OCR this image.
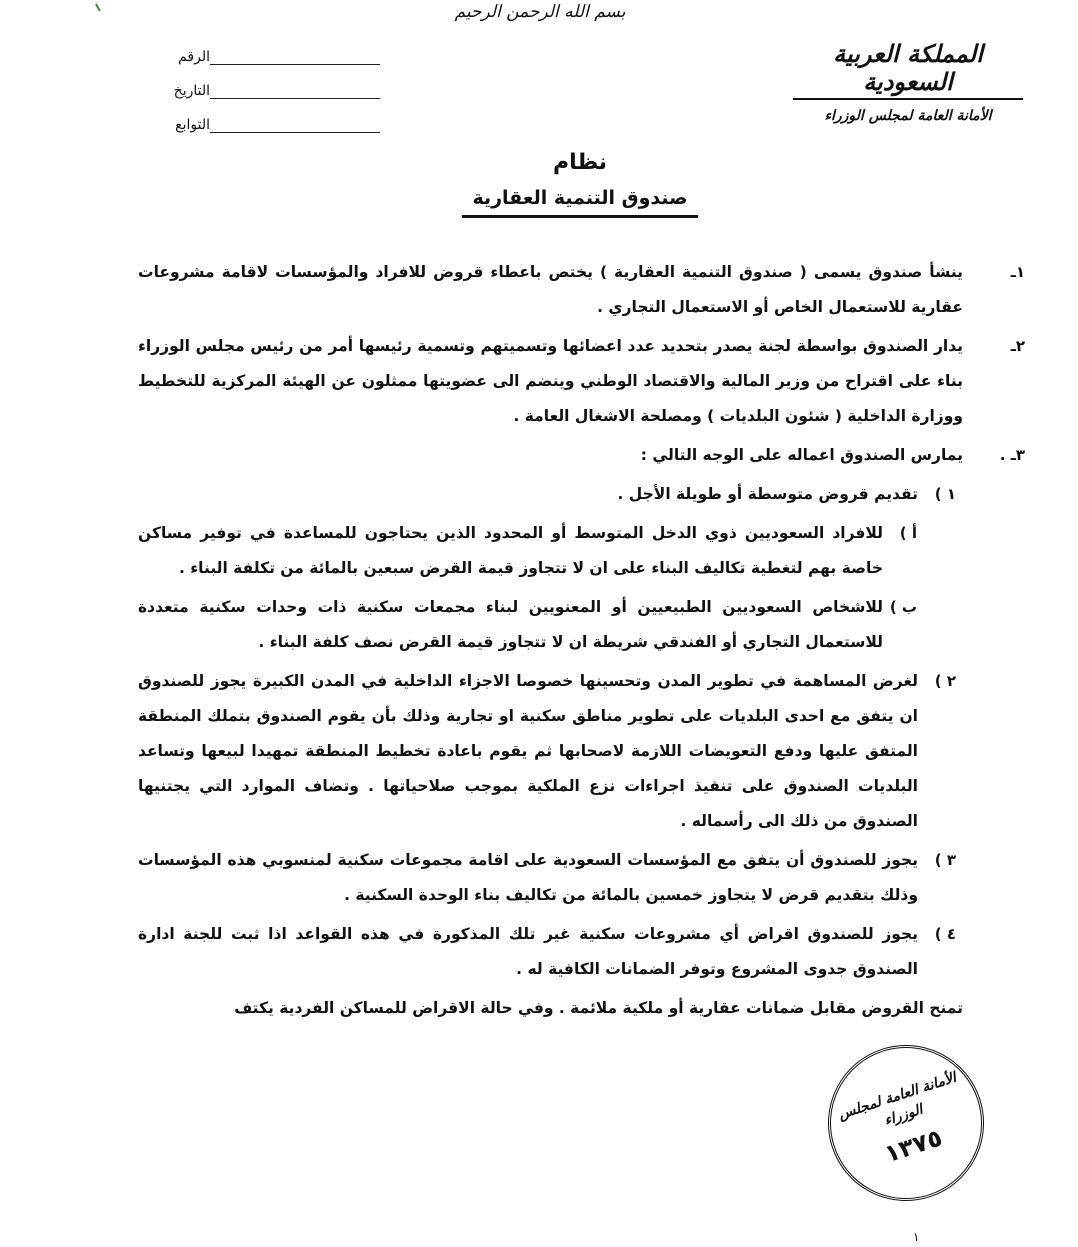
بسم الله الرحمن الرحيم
الرقم
التاريخ
التوابع
المملكة العربية السعودية
الأمانة العامة لمجلس الوزراء
نظام
صندوق التنمية العقارية
١ـ
ينشأ صندوق يسمى ( صندوق التنمية العقارية ) يختص باعطاء قروض للافراد والمؤسسات لاقامة مشروعات عقارية للاستعمال الخاص أو الاستعمال التجاري .
٢ـ
يدار الصندوق بواسطة لجنة يصدر بتحديد عدد اعضائها وتسميتهم وتسمية رئيسها أمر من رئيس مجلس الوزراء بناء على اقتراح من وزير المالية والاقتصاد الوطني وينضم الى عضويتها ممثلون عن الهيئة المركزية للتخطيط ووزارة الداخلية ( شئون البلديات ) ومصلحة الاشغال العامة .
٣ـ .
يمارس الصندوق اعماله على الوجه التالي :
١ )
تقديم قروض متوسطة أو طويلة الأجل .
أ )
للافراد السعوديين ذوي الدخل المتوسط أو المحدود الذين يحتاجون للمساعدة في توفير مساكن خاصة بهم لتغطية تكاليف البناء على ان لا تتجاوز قيمة القرض سبعين بالمائة من تكلفة البناء .
ب )
للاشخاص السعوديين الطبيعيين أو المعنويين لبناء مجمعات سكنية ذات وحدات سكنية متعددة للاستعمال التجاري أو الفندقي شريطة ان لا تتجاوز قيمة القرض نصف كلفة البناء .
٢ )
لغرض المساهمة في تطوير المدن وتحسينها خصوصا الاجزاء الداخلية في المدن الكبيرة يجوز للصندوق ان يتفق مع احدى البلديات على تطوير مناطق سكنية او تجارية وذلك بأن يقوم الصندوق بتملك المنطقة المتفق عليها ودفع التعويضات اللازمة لاصحابها ثم يقوم باعادة تخطيط المنطقة تمهيدا لبيعها وتساعد البلديات الصندوق على تنفيذ اجراءات نزع الملكية بموجب صلاحياتها . وتضاف الموارد التي يجتنيها الصندوق من ذلك الى رأسماله .
٣ )
يجوز للصندوق أن يتفق مع المؤسسات السعودية على اقامة مجموعات سكنية لمنسوبي هذه المؤسسات وذلك بتقديم قرض لا يتجاوز خمسين بالمائة من تكاليف بناء الوحدة السكنية .
٤ )
يجوز للصندوق اقراض أي مشروعات سكنية غير تلك المذكورة في هذه القواعد اذا ثبت للجنة ادارة الصندوق جدوى المشروع وتوفر الضمانات الكافية له .
تمنح القروض مقابل ضمانات عقارية أو ملكية ملائمة . وفي حالة الاقراض للمساكن الفردية يكتف
الأمانة العامة لمجلس الوزراء
١٣٧٥
١
